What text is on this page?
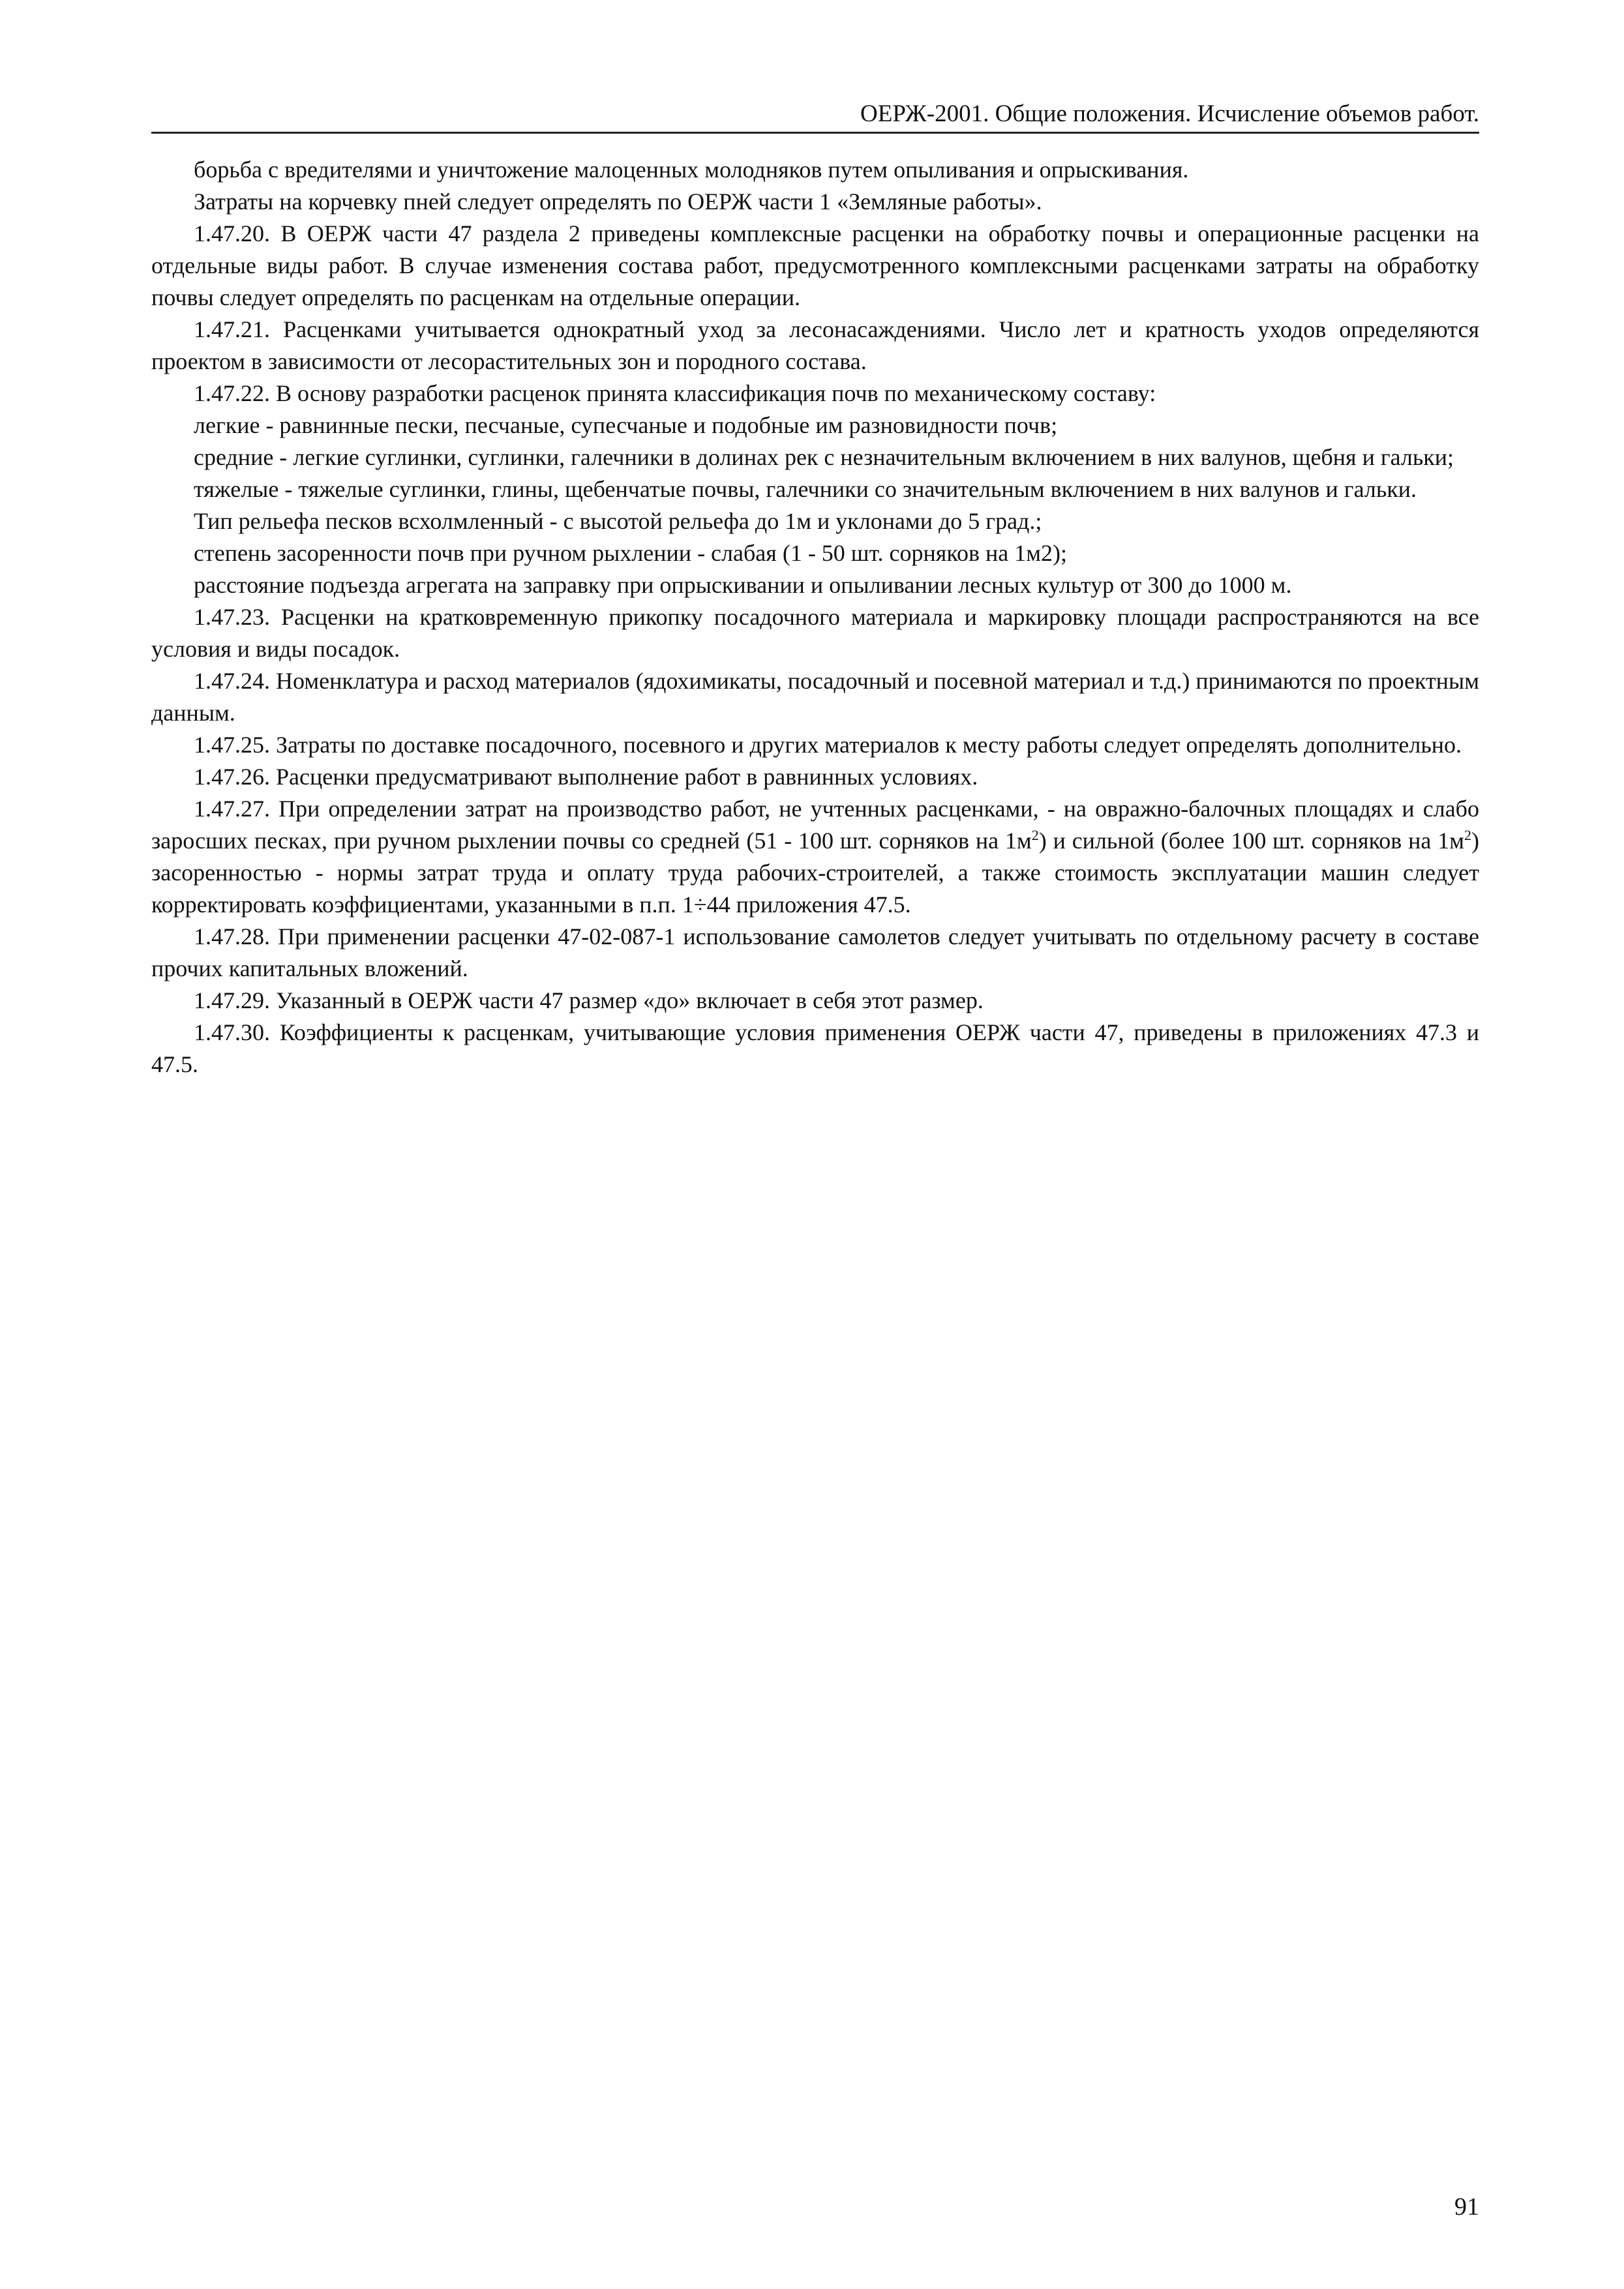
ОЕРЖ-2001. Общие положения. Исчисление объемов работ.

борьба с вредителями и уничтожение малоценных молодняков путем опыливания и опрыскивания.

Затраты на корчевку пней следует определять по ОЕРЖ части 1 «Земляные работы».

1.47.20. В ОЕРЖ части 47 раздела 2 приведены комплексные расценки на обработку почвы и операционные расценки на отдельные виды работ. В случае изменения состава работ, предусмотренного комплексными расценками затраты на обработку почвы следует определять по расценкам на отдельные операции.

1.47.21. Расценками учитывается однократный уход за лесонасаждениями. Число лет и кратность уходов определяются проектом в зависимости от лесорастительных зон и породного состава.

1.47.22. В основу разработки расценок принята классификация почв по механическому составу:

легкие - равнинные пески, песчаные, супесчаные и подобные им разновидности почв;

средние - легкие суглинки, суглинки, галечники в долинах рек с незначительным включением в них валунов, щебня и гальки;

тяжелые - тяжелые суглинки, глины, щебенчатые почвы, галечники со значительным включением в них валунов и гальки.

Тип рельефа песков всхолмленный - с высотой рельефа до 1м и уклонами до 5 град.;

степень засоренности почв при ручном рыхлении - слабая (1 - 50 шт. сорняков на 1м2);

расстояние подъезда агрегата на заправку при опрыскивании и опыливании лесных культур от 300 до 1000 м.

1.47.23. Расценки на кратковременную прикопку посадочного материала и маркировку площади распространяются на все условия и виды посадок.

1.47.24. Номенклатура и расход материалов (ядохимикаты, посадочный и посевной материал и т.д.) принимаются по проектным данным.

1.47.25. Затраты по доставке посадочного, посевного и других материалов к месту работы следует определять дополнительно.

1.47.26. Расценки предусматривают выполнение работ в равнинных условиях.

1.47.27. При определении затрат на производство работ, не учтенных расценками, - на овражно-балочных площадях и слабо заросших песках, при ручном рыхлении почвы со средней (51 - 100 шт. сорняков на $1м^2$) и сильной (более 100 шт. сорняков на $1м^2$) засоренностью - нормы затрат труда и оплату труда рабочих-строителей, а также стоимость эксплуатации машин следует корректировать коэффициентами, указанными в п.п. 1÷44 приложения 47.5.

1.47.28. При применении расценки 47-02-087-1 использование самолетов следует учитывать по отдельному расчету в составе прочих капитальных вложений.

1.47.29. Указанный в ОЕРЖ части 47 размер «до» включает в себя этот размер.

1.47.30. Коэффициенты к расценкам, учитывающие условия применения ОЕРЖ части 47, приведены в приложениях 47.3 и 47.5.

91
